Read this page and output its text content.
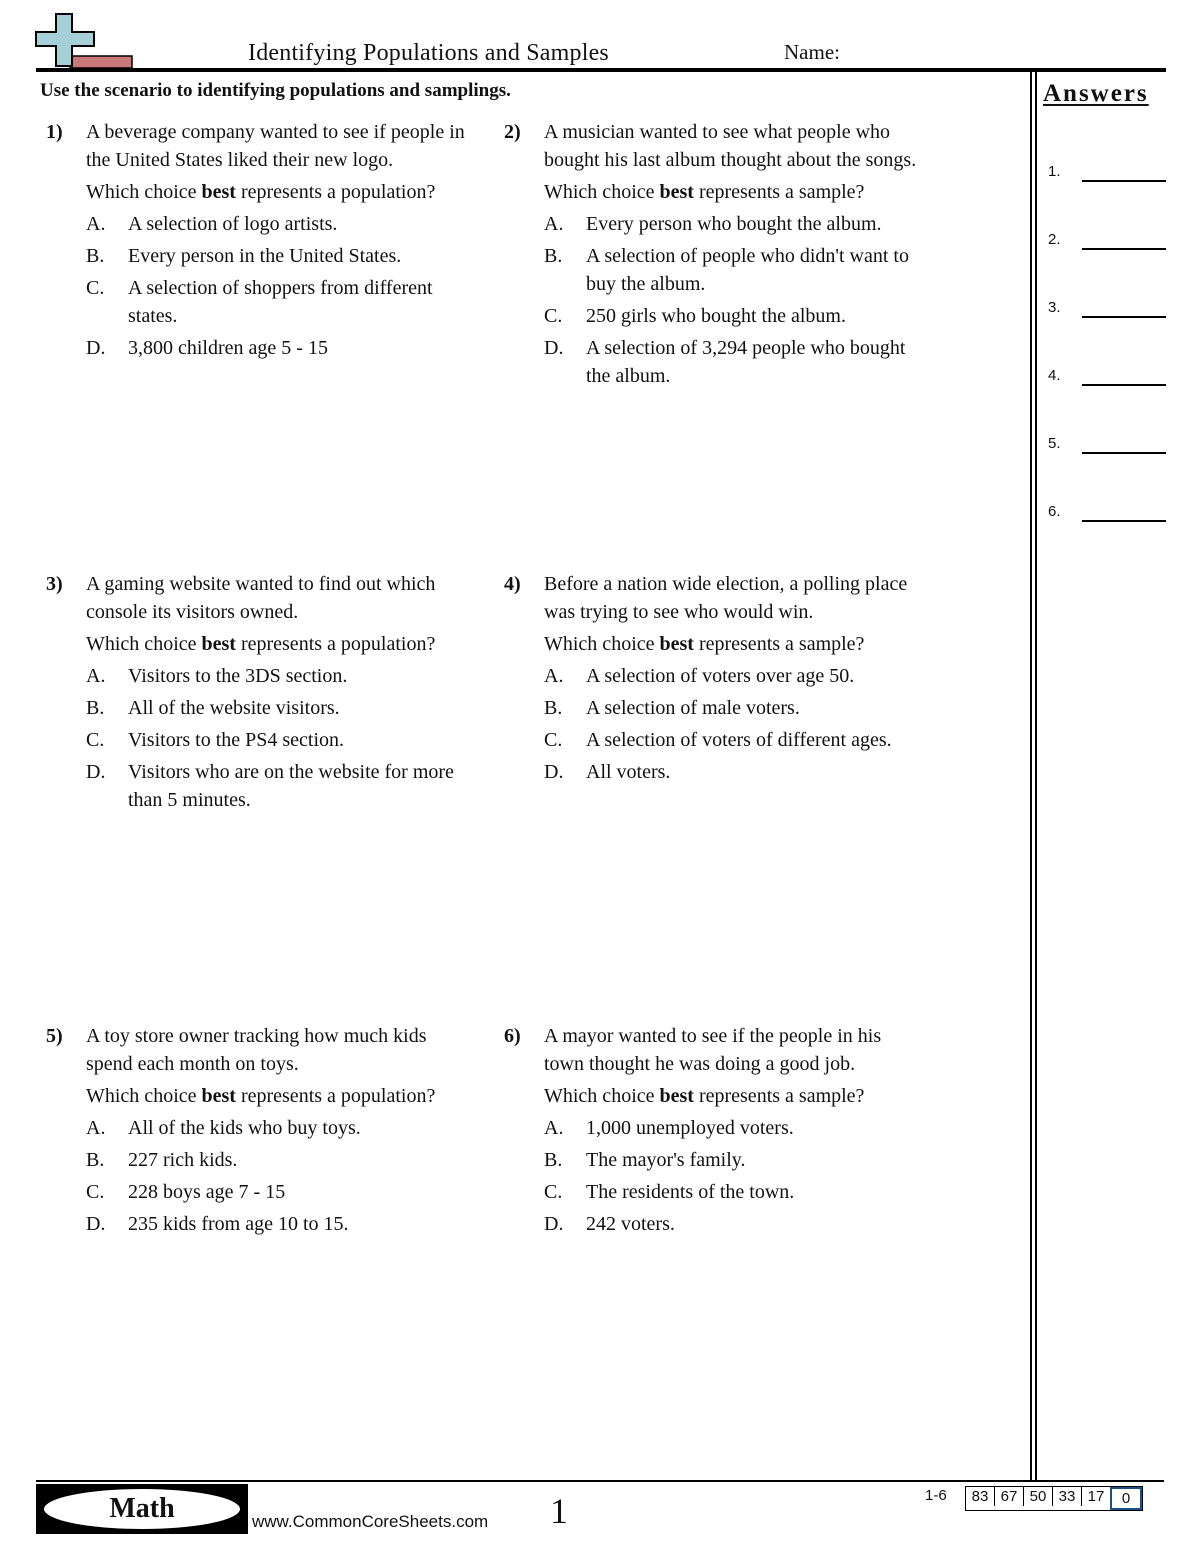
Identifying Populations and Samples	Name:
Use the scenario to identifying populations and samplings.	Answers
1.
2.
3.
4.
5.
6.
1) A beverage company wanted to see if people in the United States liked their new logo.
Which choice best represents a population?
A.	A selection of logo artists.
B.	Every person in the United States.
C.	A selection of shoppers from different states.
D.	3,800 children age 5 - 15
2) A musician wanted to see what people who bought his last album thought about the songs.
Which choice best represents a sample?
A.	Every person who bought the album.
B.	A selection of people who didn't want to buy the album.
C.	250 girls who bought the album.
D.	A selection of 3,294 people who bought the album.
3) A gaming website wanted to find out which console its visitors owned.
Which choice best represents a population?
A.	Visitors to the 3DS section.
B.	All of the website visitors.
C.	Visitors to the PS4 section.
D.	Visitors who are on the website for more than 5 minutes.
4) Before a nation wide election, a polling place was trying to see who would win.
Which choice best represents a sample?
A.	A selection of voters over age 50.
B.	A selection of male voters.
C.	A selection of voters of different ages.
D.	All voters.
5) A toy store owner tracking how much kids spend each month on toys.
Which choice best represents a population?
A.	All of the kids who buy toys.
B.	227 rich kids.
C.	228 boys age 7 - 15
D.	235 kids from age 10 to 15.
6) A mayor wanted to see if the people in his town thought he was doing a good job.
Which choice best represents a sample?
A.	1,000 unemployed voters.
B.	The mayor's family.
C.	The residents of the town.
D.	242 voters.
Math	www.CommonCoreSheets.com 1	1-6	83 67 50 33 17	0
